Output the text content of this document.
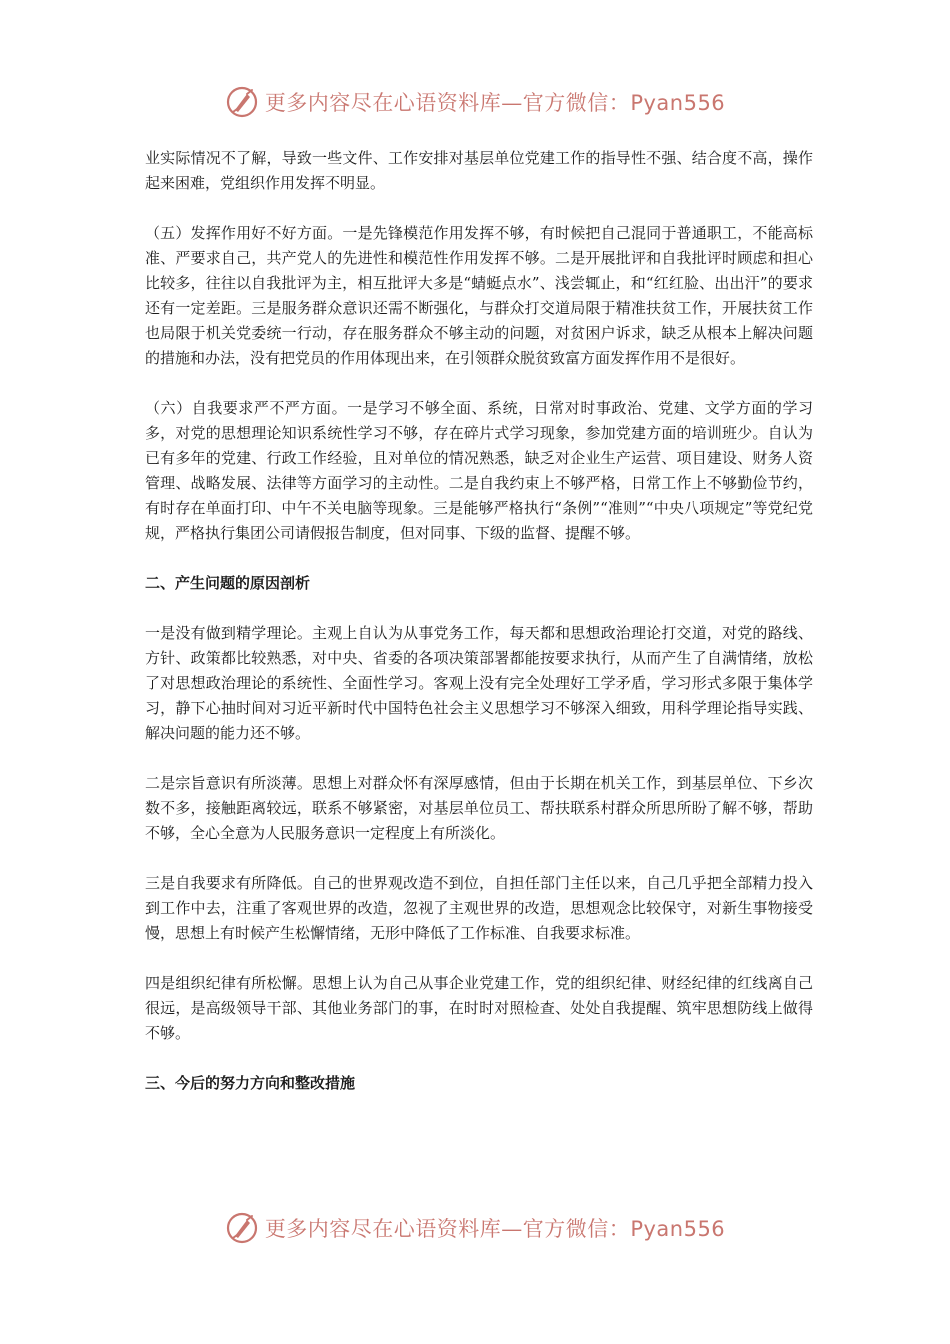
更多内容尽在心语资料库—官方微信：Pyan556

业实际情况不了解，导致一些文件、工作安排对基层单位党建工作的指导性不强、结合度不高，操作起来困难，党组织作用发挥不明显。

（五）发挥作用好不好方面。一是先锋模范作用发挥不够，有时候把自己混同于普通职工，不能高标准、严要求自己，共产党人的先进性和模范性作用发挥不够。二是开展批评和自我批评时顾虑和担心比较多，往往以自我批评为主，相互批评大多是“蜻蜓点水”、浅尝辄止，和“红红脸、出出汗”的要求还有一定差距。三是服务群众意识还需不断强化，与群众打交道局限于精准扶贫工作，开展扶贫工作也局限于机关党委统一行动，存在服务群众不够主动的问题，对贫困户诉求，缺乏从根本上解决问题的措施和办法，没有把党员的作用体现出来，在引领群众脱贫致富方面发挥作用不是很好。

（六）自我要求严不严方面。一是学习不够全面、系统，日常对时事政治、党建、文学方面的学习多，对党的思想理论知识系统性学习不够，存在碎片式学习现象，参加党建方面的培训班少。自认为已有多年的党建、行政工作经验，且对单位的情况熟悉，缺乏对企业生产运营、项目建设、财务人资管理、战略发展、法律等方面学习的主动性。二是自我约束上不够严格，日常工作上不够勤俭节约，有时存在单面打印、中午不关电脑等现象。三是能够严格执行“条例”“准则”“中央八项规定”等党纪党规，严格执行集团公司请假报告制度，但对同事、下级的监督、提醒不够。

二、产生问题的原因剖析

一是没有做到精学理论。主观上自认为从事党务工作，每天都和思想政治理论打交道，对党的路线、方针、政策都比较熟悉，对中央、省委的各项决策部署都能按要求执行，从而产生了自满情绪，放松了对思想政治理论的系统性、全面性学习。客观上没有完全处理好工学矛盾，学习形式多限于集体学习，静下心抽时间对习近平新时代中国特色社会主义思想学习不够深入细致，用科学理论指导实践、解决问题的能力还不够。

二是宗旨意识有所淡薄。思想上对群众怀有深厚感情，但由于长期在机关工作，到基层单位、下乡次数不多，接触距离较远，联系不够紧密，对基层单位员工、帮扶联系村群众所思所盼了解不够，帮助不够，全心全意为人民服务意识一定程度上有所淡化。

三是自我要求有所降低。自己的世界观改造不到位，自担任部门主任以来，自己几乎把全部精力投入到工作中去，注重了客观世界的改造，忽视了主观世界的改造，思想观念比较保守，对新生事物接受慢，思想上有时候产生松懈情绪，无形中降低了工作标准、自我要求标准。

四是组织纪律有所松懈。思想上认为自己从事企业党建工作，党的组织纪律、财经纪律的红线离自己很远，是高级领导干部、其他业务部门的事，在时时对照检查、处处自我提醒、筑牢思想防线上做得不够。

三、今后的努力方向和整改措施

更多内容尽在心语资料库—官方微信：Pyan556
